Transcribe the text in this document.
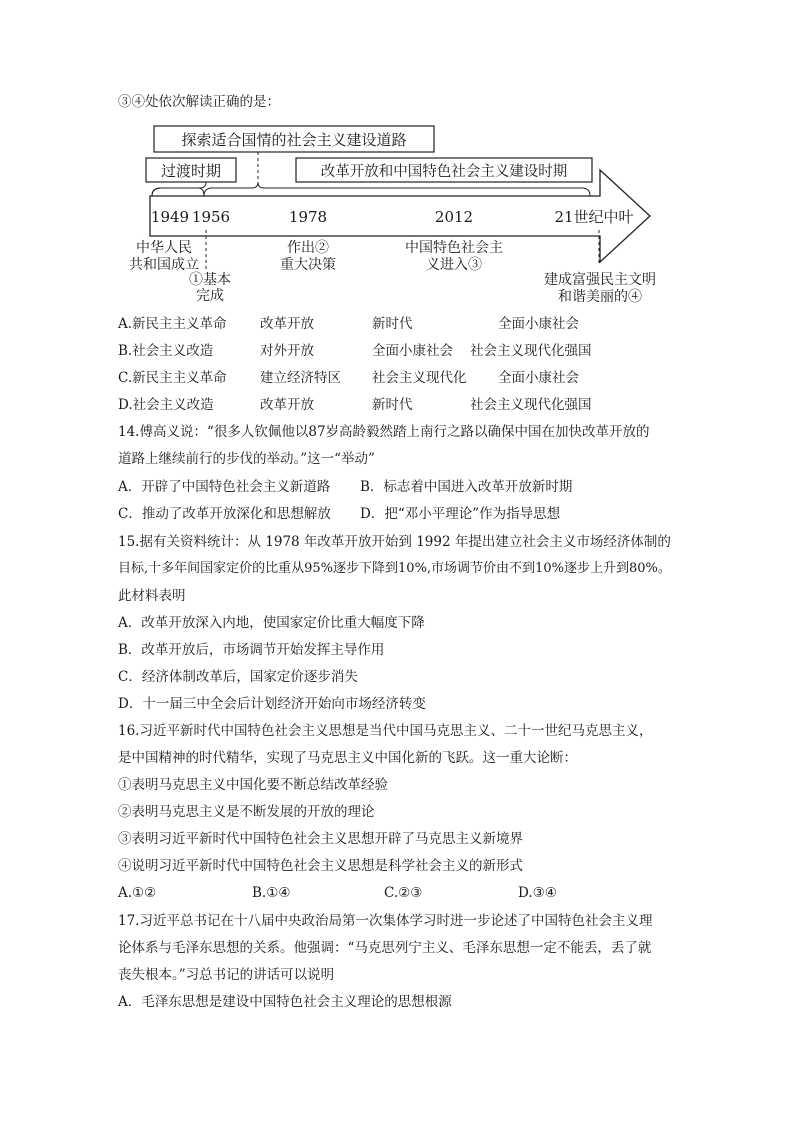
③④处依次解读正确的是：
探索适合国情的社会主义建设道路
过渡时期	改革开放和中国特色社会主义建设时期
1949 1956	1978	2012	21世纪中叶
中华人民
共和国成立
①基本
完成
作出②
重大决策
中国特色社会主
义进入③
建成富强民主文明
和谐美丽的④
A.新民主主义革命 改革开放	新时代	全面小康社会
B.社会主义改造	对外开放	全面小康社会 社会主义现代化强国
C.新民主主义革命 建立经济特区 社会主义现代化 全面小康社会
D.社会主义改造	改革开放	新时代	社会主义现代化强国
14.傅高义说：“很多人钦佩他以87岁高龄毅然踏上南行之路以确保中国在加快改革开放的
道路上继续前行的步伐的举动。”这一“举动”
A．开辟了中国特色社会主义新道路 B．标志着中国进入改革开放新时期
C．推动了改革开放深化和思想解放 D．把“邓小平理论”作为指导思想
15.据有关资料统计：从 1978 年改革开放开始到 1992 年提出建立社会主义市场经济体制的
目标,十多年间国家定价的比重从95%逐步下降到10%,市场调节价由不到10%逐步上升到80%。
此材料表明
A．改革开放深入内地，使国家定价比重大幅度下降
B．改革开放后，市场调节开始发挥主导作用
C．经济体制改革后，国家定价逐步消失
D．十一届三中全会后计划经济开始向市场经济转变
16.习近平新时代中国特色社会主义思想是当代中国马克思主义、二十一世纪马克思主义，
是中国精神的时代精华，实现了马克思主义中国化新的飞跃。这一重大论断：
①表明马克思主义中国化要不断总结改革经验
②表明马克思主义是不断发展的开放的理论
③表明习近平新时代中国特色社会主义思想开辟了马克思主义新境界
④说明习近平新时代中国特色社会主义思想是科学社会主义的新形式
A.①②	B.①④	C.②③	D.③④
17.习近平总书记在十八届中央政治局第一次集体学习时进一步论述了中国特色社会主义理
论体系与毛泽东思想的关系。他强调：“马克思列宁主义、毛泽东思想一定不能丢，丢了就
丧失根本。”习总书记的讲话可以说明
A．毛泽东思想是建设中国特色社会主义理论的思想根源
